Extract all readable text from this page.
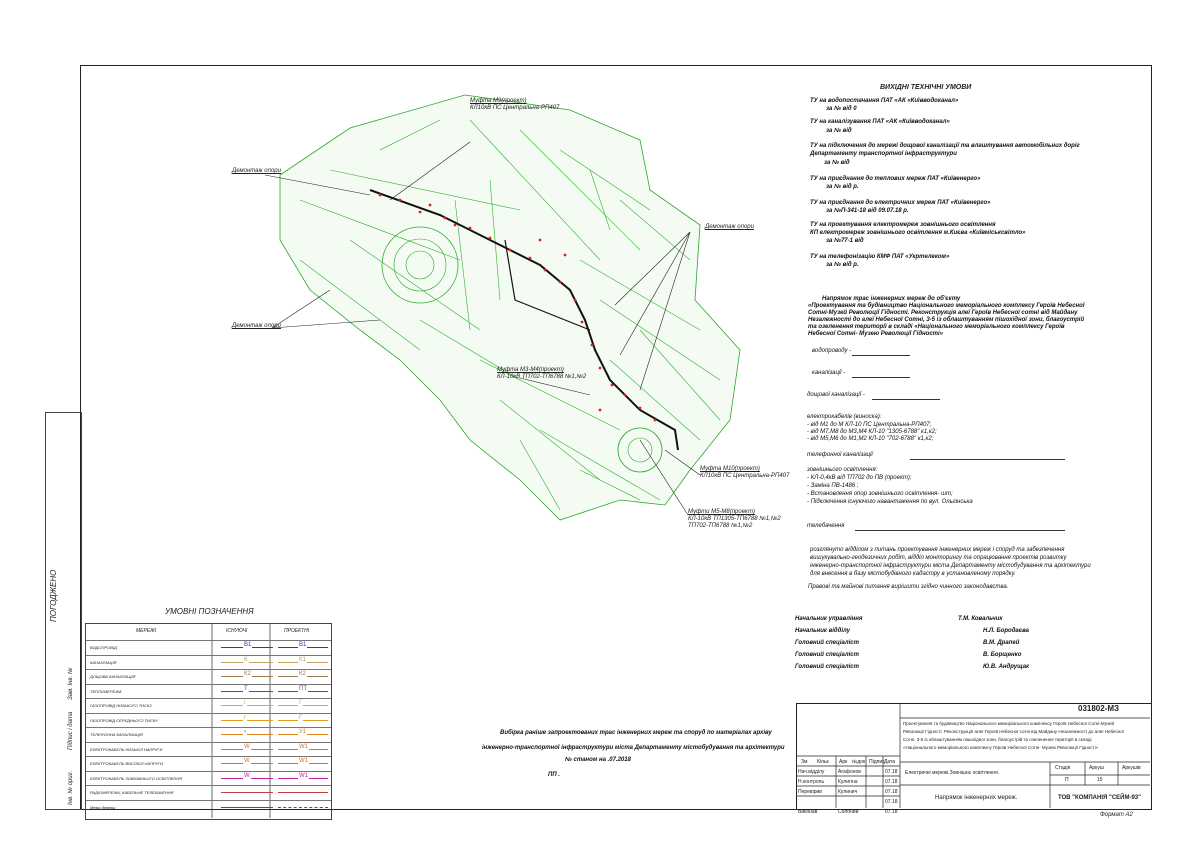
Муфта М9(проект)
КЛ10кВ ПС Центральна-РП407
Демонтаж опори
Демонтаж опори
Демонтаж опори
Муфта М3-М4(проект)
КЛ-10кВ ТП702-ТП6788 №1,№2
Муфта М10(проект)
КЛ10кВ ПС Центральна-РП407
Муфти М5-М8(проект)
КЛ-10кВ ТП1305-ТП6788 №1,№2
ТП702-ТП6788 №1,№2
ВИХІДНІ ТЕХНІЧНІ УМОВИ
ТУ на водопостачання ПАТ «АК «Київводоканал»
за № від 0
ТУ на каналізування ПАТ «АК «Київводоканал»
за № від
ТУ на підключення до мережі дощової каналізації та влаштування автомобільних доріг
Департаменту транспортної інфраструктури
за № від
ТУ на приєднання до теплових мереж ПАТ «Київенерго»
за № від р.
ТУ на приєднання до електричних мереж ПАТ «Київенерго»
за №П-341-18 від 09.07.18 р.
ТУ на проектування електромереж зовнішнього освітлення
КП електромереж зовнішнього освітлення м.Києва «Київміськсвітло»
за №77-1 від
ТУ на телефонізацію КМФ ПАТ «Укртелеком»
за № від р.
Напрямок трас інженерних мереж до об'єкту
«Проектування та будівництво Національного меморіального комплексу Героїв Небесної
Сотні-Музей Революції Гідності. Реконструкція алеї Героїв Небесної сотні від Майдану
Незалежності до алеї Небесної Сотні, 3-5 із облаштуванням пішохідної зони, благоустрій
та озеленення території в складі «Національного меморіального комплексу Героїв
Небесної Сотні- Музею Революції Гідності»
водопроводу -
каналізації -
дощової каналізації -
електрокабелів (виноска):
- від М1 до М КЛ-10 ПС Центральна-РП407;
- від М7,М8 до М3,М4 КЛ-10 "1305-6788" к1,к2;
- від М5,М6 до М1,М2 КЛ-10 "702-6788" к1,к2;
телефонної каналізації
зовнішнього освітлення:
- КЛ-0,4кВ від ТП702 до ПВ (проект);
- Заміна ПВ-1486 ;
- Встановлення опор зовнішнього освітлення- шт;
- Підключення існуючого навантаження по вул. Ольгінська
телебачення
розглянуто відділом з питань проектування інженерних мереж і споруд та забезпечення
вишукувально-геодезичних робіт, відділ моніторингу та опрацювання проектів розвитку
інженерно-транспортної інфраструктури міста Департаменту містобудування та архітектури
для внесення в базу містобудівного кадастру в установленому порядку.
Правові та майнові питання вирішити згідно чинного законодавства.
Начальник управління	Т.М. Ковальчик
Начальник відділу	Н.Л. Бородаєва
Головний спеціаліст	В.М. Драпей
Головний спеціаліст	В. Борщенко
Головний спеціаліст	Ю.В. Андрущак
Вибірка раніше запроектованих трас інженерних мереж та споруд по матеріалах архіву
інженерно-транспортної інфраструктури міста Департаменту містобудування та архітектури
№ станом на .07.2018
ПП .
УМОВНІ ПОЗНАЧЕННЯ
МЕРЕЖІ	ІСНУЮЧІ	ПРОЕКТНІ
ВОДОПРОВІД	В1	В1
КАНАЛІЗАЦІЯ	К	К1
ДОЩОВА КАНАЛІЗАЦІЯ	К2	К2
ТЕПЛОМЕРЕЖА	Т	ПТ
ГАЗОПРОВІД НИЗЬКОГО ТИСКУ	г	Г
ГАЗОПРОВІД СЕРЕДНЬОГО ТИСКУ	г	Г
ТЕЛЕФОННА КАНАЛІЗАЦІЯ	▪	У1
ЕЛЕКТРОКАБЕЛЬ НИЗЬКОЇ НАПРУГИ	W	W1
ЕЛЕКТРОКАБЕЛЬ ВИСОКОЇ НАПРУГИ	W	W1
ЕЛЕКТРОКАБЕЛЬ ЗОВНІШНЬОГО ОСВІТЛЕННЯ	W	W1
РАДІОМЕРЕЖА, КАБЕЛЬНЕ ТЕЛЕБАЧЕННЯ
Межа ділянки
ПОГОДЖЕНО
Зам. Інв. №
Підпис і дата
Інв. № ориг.
031802-МЗ
Проектування та будівництво Національного меморіального комплексу Героїв Небесної Сотні-Музей
Революції Гідності. Реконструкція алеї Героїв Небесної сотні від Майдану Незалежності до алеї Небесної
Сотні, 3-5 із облаштуванням пішохідної зони, благоустрій та озеленення території в складі
«Національного меморіального комплексу Героїв Небесної Сотні- Музею Революції Гідності»
Зм Кільк Арк №док Підпис Дата
Нач.відділу	Агафонов	07.18
Н.контроль	Кулигіна	07.18
Перевірив	Кулинич	07.18
07.18
Виконав	Солоний	07.18
Електричні мережі.Зовнішнє освітлення.
Стадія	Аркуш	Аркушів
П	15
Напрямок інженерних мереж.	ТОВ "КОМПАНІЯ "СЕЙМ-93"
Формат А2
